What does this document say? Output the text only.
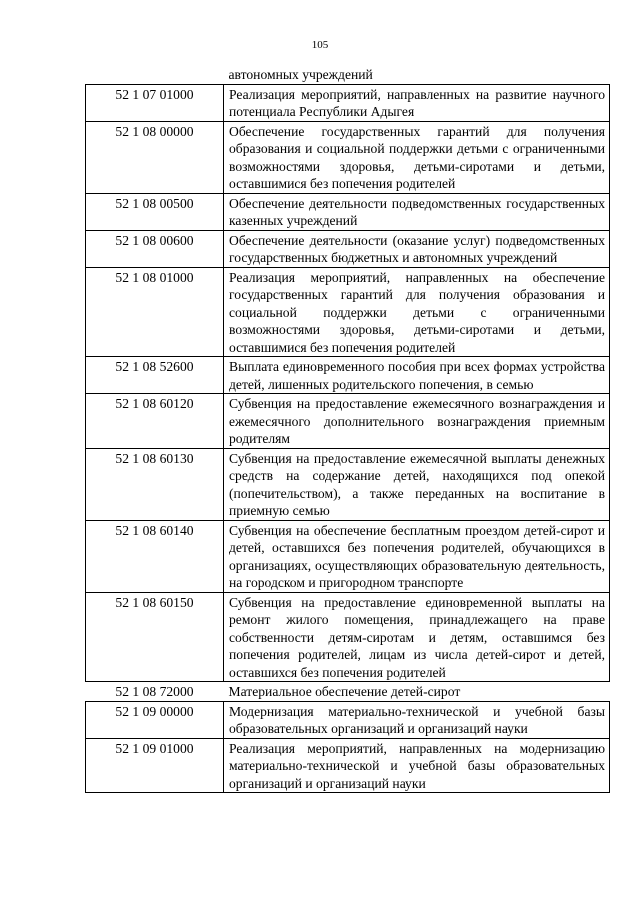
105
	автономных учреждений
52 1 07 01000	Реализация мероприятий, направленных на развитие научного потенциала Республики Адыгея
52 1 08 00000	Обеспечение государственных гарантий для получения образования и социальной поддержки детьми с ограниченными возможностями здоровья, детьми-сиротами и детьми, оставшимися без попечения родителей
52 1 08 00500	Обеспечение деятельности подведомственных государственных казенных учреждений
52 1 08 00600	Обеспечение деятельности (оказание услуг) подведомственных государственных бюджетных и автономных учреждений
52 1 08 01000	Реализация мероприятий, направленных на обеспечение государственных гарантий для получения образования и социальной поддержки детьми с ограниченными возможностями здоровья, детьми-сиротами и детьми, оставшимися без попечения родителей
52 1 08 52600	Выплата единовременного пособия при всех формах устройства детей, лишенных родительского попечения, в семью
52 1 08 60120	Субвенция на предоставление ежемесячного вознаграждения и ежемесячного дополнительного вознаграждения приемным родителям
52 1 08 60130	Субвенция на предоставление ежемесячной выплаты денежных средств на содержание детей, находящихся под опекой (попечительством), а также переданных на воспитание в приемную семью
52 1 08 60140	Субвенция на обеспечение бесплатным проездом детей-сирот и детей, оставшихся без попечения родителей, обучающихся в организациях, осуществляющих образовательную деятельность, на городском и пригородном транспорте
52 1 08 60150	Субвенция на предоставление единовременной выплаты на ремонт жилого помещения, принадлежащего на праве собственности детям-сиротам и детям, оставшимся без попечения родителей, лицам из числа детей-сирот и детей, оставшихся без попечения родителей
52 1 08 72000	Материальное обеспечение детей-сирот
52 1 09 00000	Модернизация материально-технической и учебной базы образовательных организаций и организаций науки
52 1 09 01000	Реализация мероприятий, направленных на модернизацию материально-технической и учебной базы образовательных организаций и организаций науки
